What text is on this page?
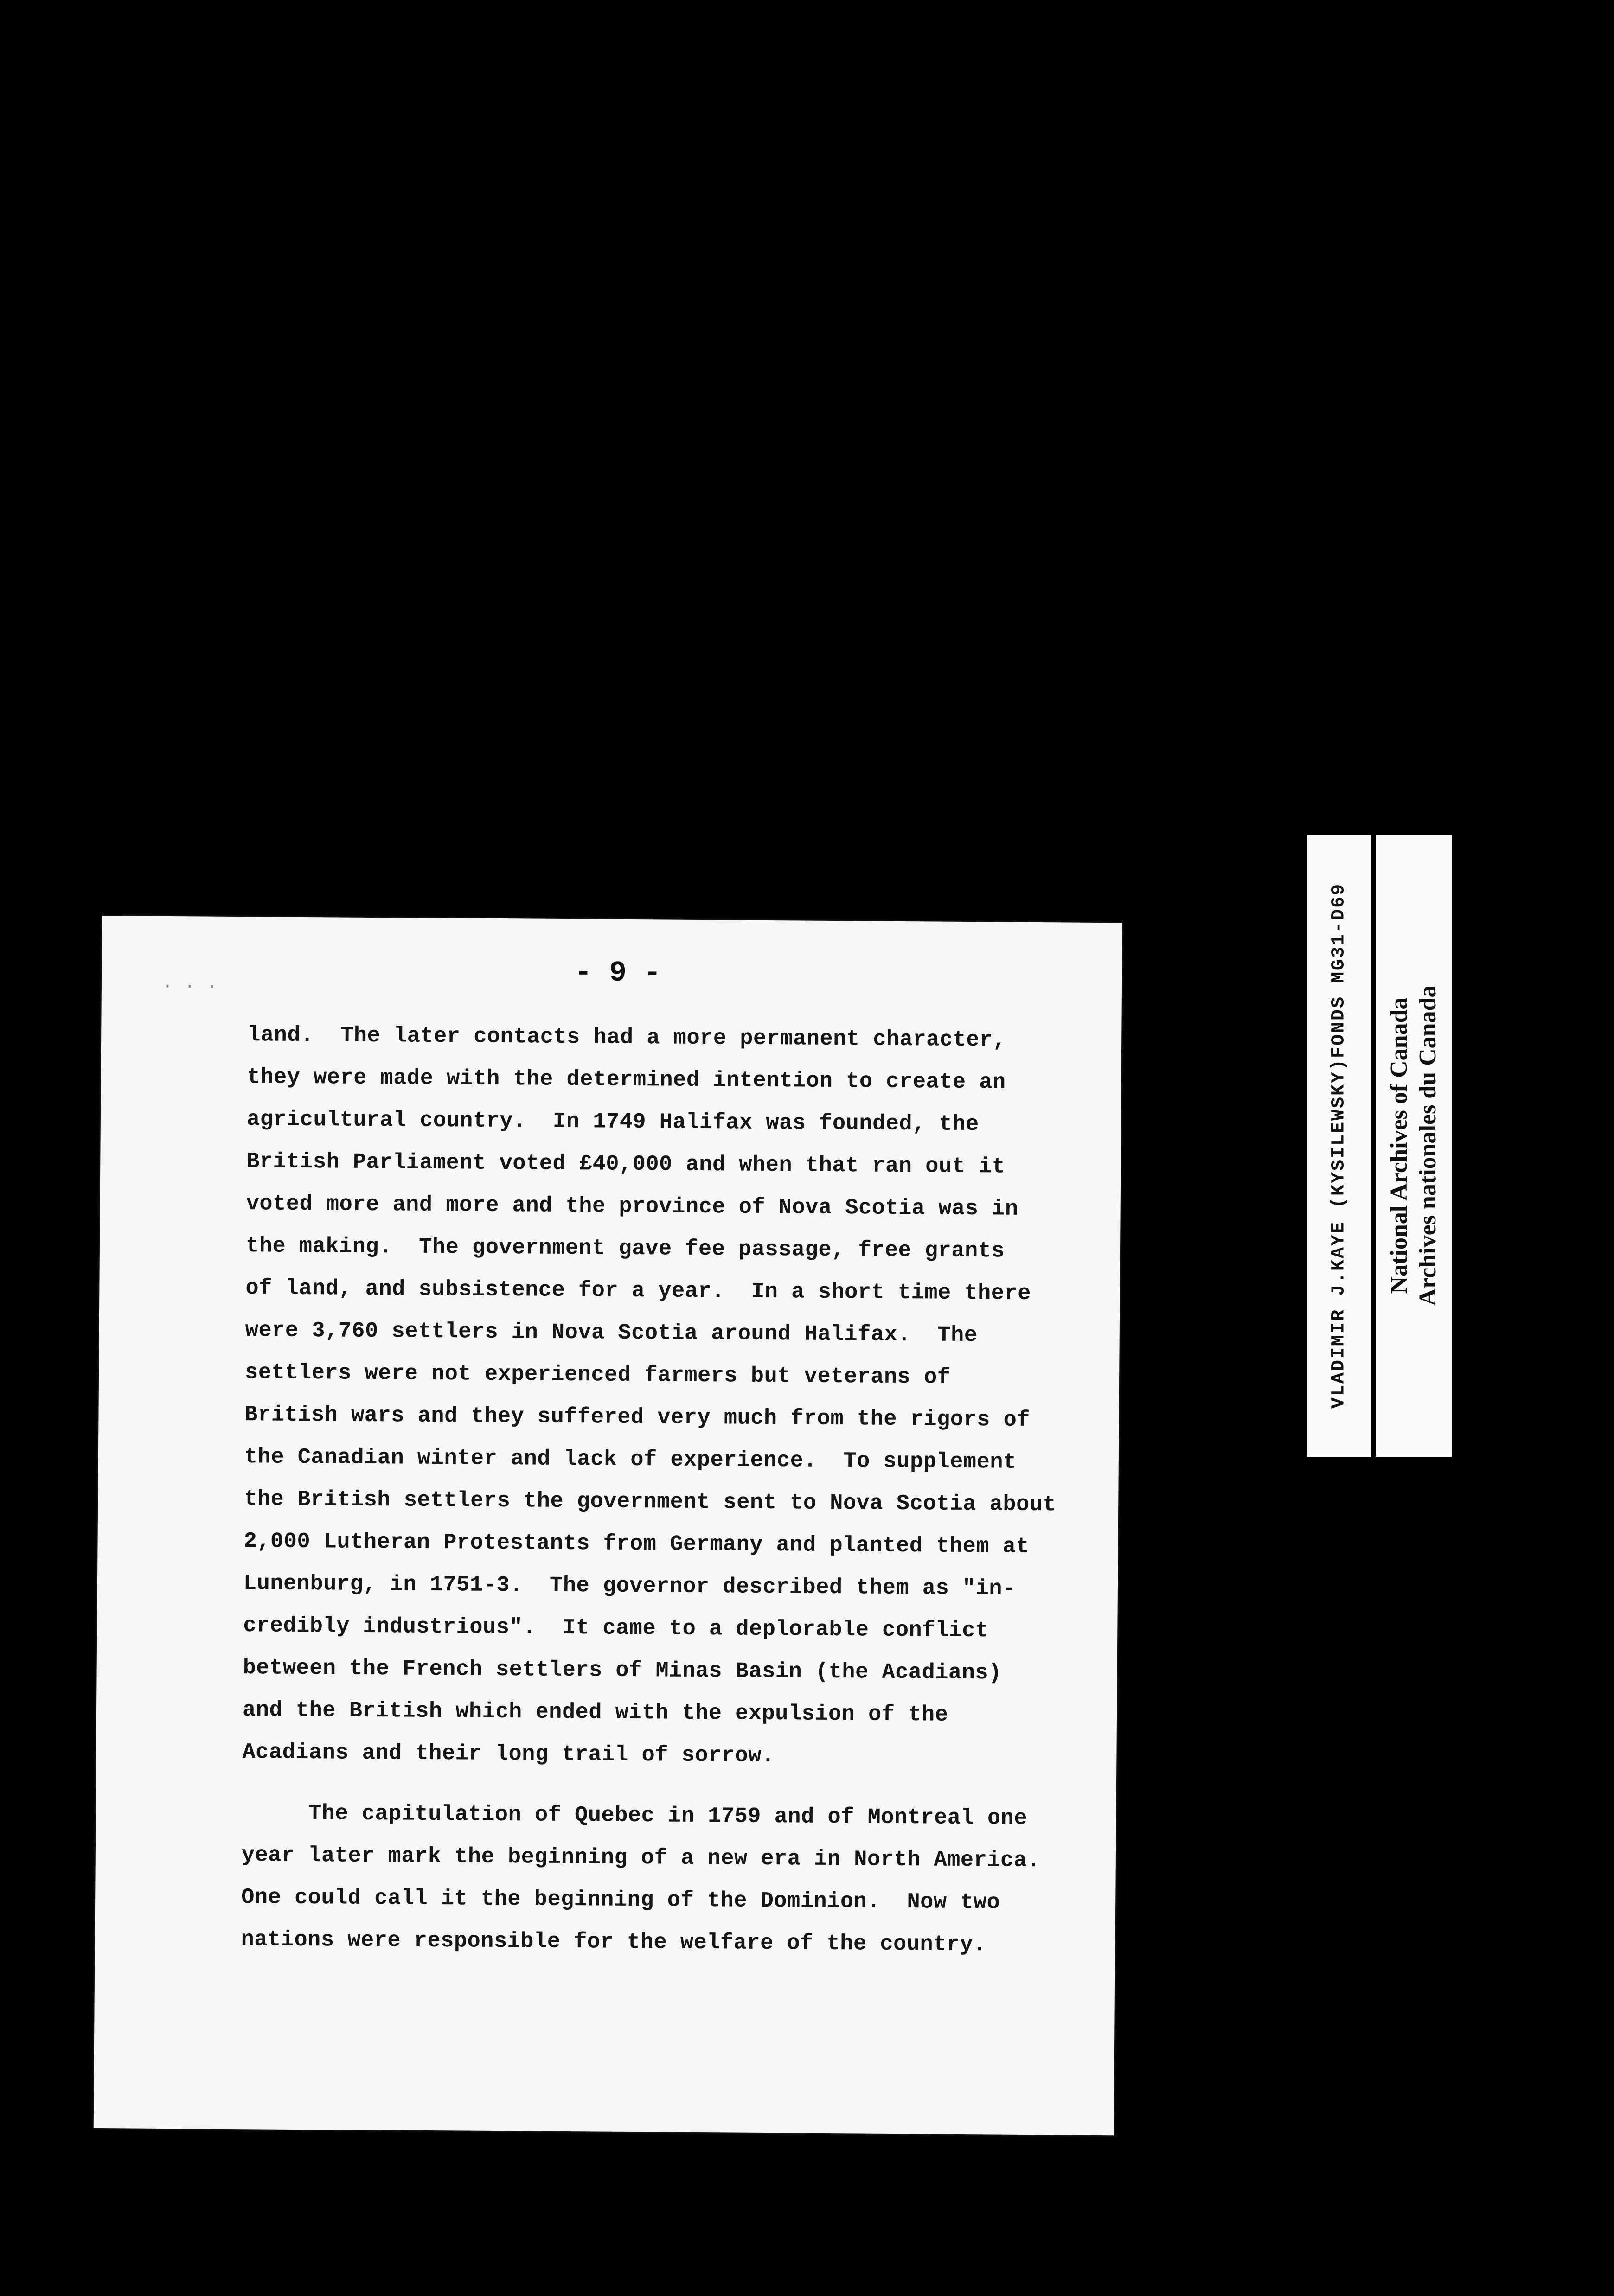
· · ·	- 9 -
land.  The later contacts had a more permanent character,
they were made with the determined intention to create an
agricultural country.  In 1749 Halifax was founded, the
British Parliament voted £40,000 and when that ran out it
voted more and more and the province of Nova Scotia was in
the making.  The government gave fee passage, free grants
of land, and subsistence for a year.  In a short time there
were 3,760 settlers in Nova Scotia around Halifax.  The
settlers were not experienced farmers but veterans of
British wars and they suffered very much from the rigors of
the Canadian winter and lack of experience.  To supplement
the British settlers the government sent to Nova Scotia about
2,000 Lutheran Protestants from Germany and planted them at
Lunenburg, in 1751-3.  The governor described them as "in-
credibly industrious".  It came to a deplorable conflict
between the French settlers of Minas Basin (the Acadians)
and the British which ended with the expulsion of the
Acadians and their long trail of sorrow.
The capitulation of Quebec in 1759 and of Montreal one
year later mark the beginning of a new era in North America.
One could call it the beginning of the Dominion.  Now two
nations were responsible for the welfare of the country.
VLADIMIR J.KAYE (KYSILEWSKY)FONDS MG31-D69 National Archives of Canada Archives nationales du Canada
